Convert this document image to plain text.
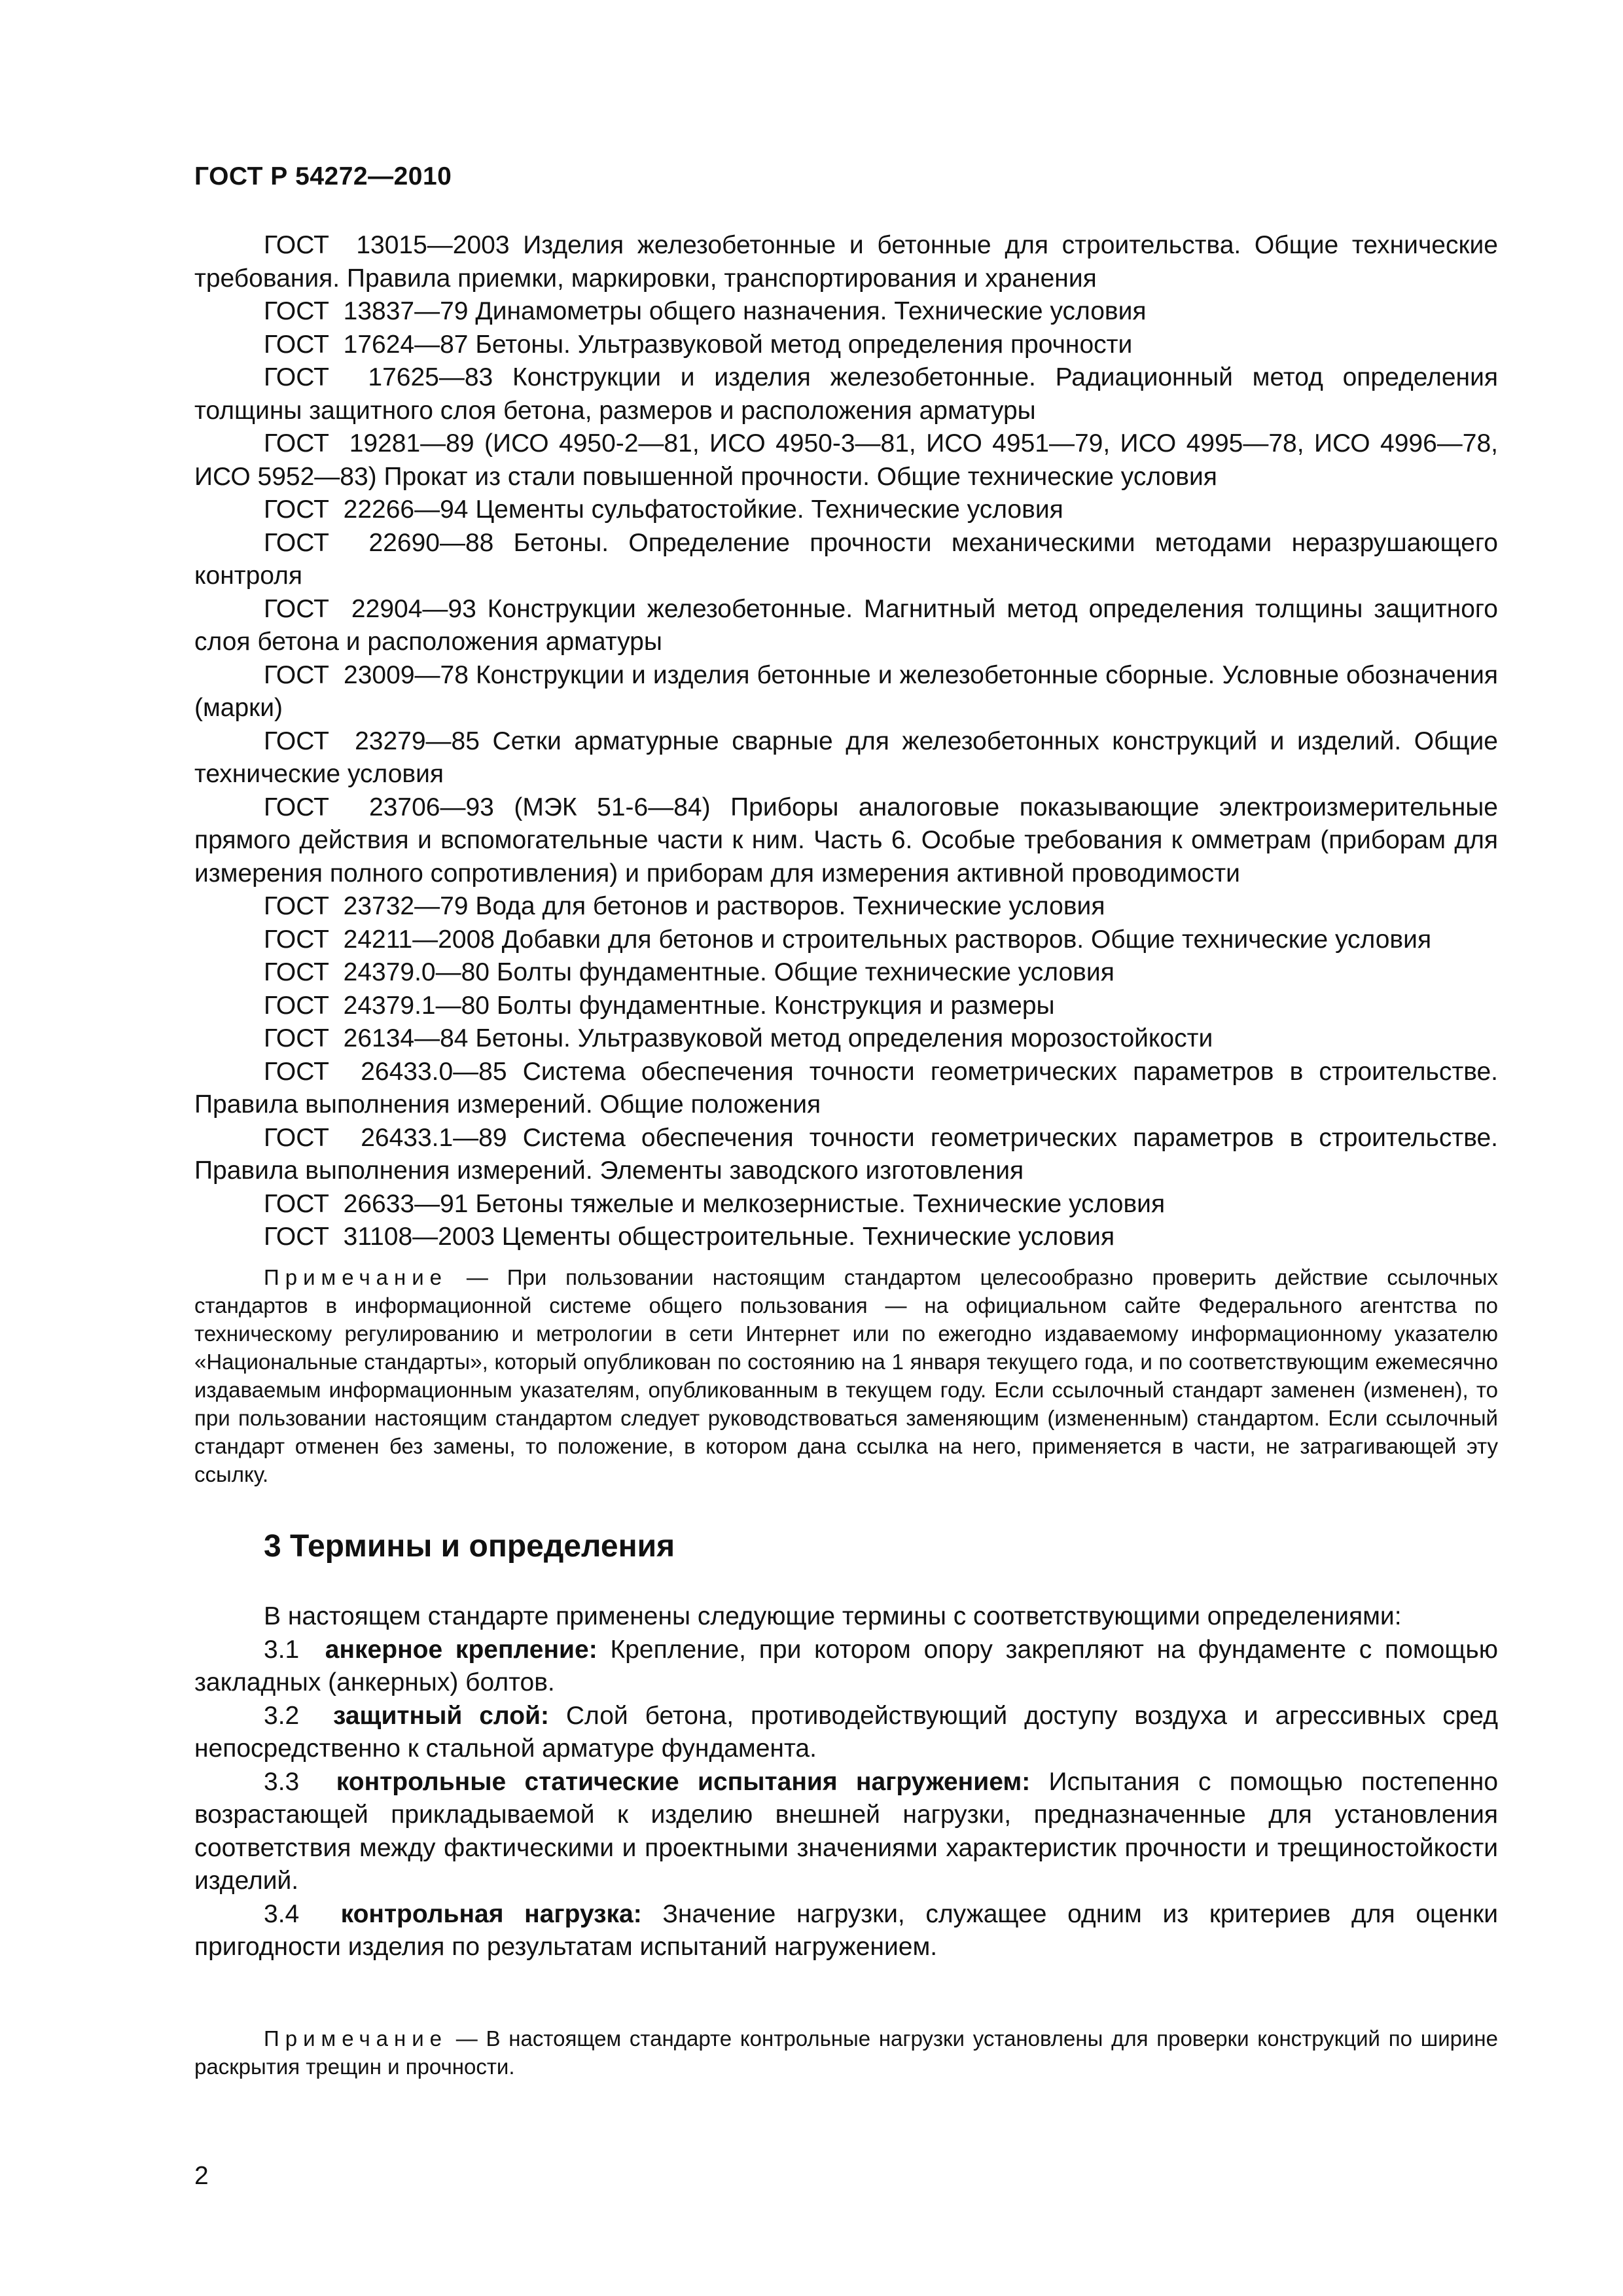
ГОСТ Р 54272—2010

ГОСТ  13015—2003 Изделия железобетонные и бетонные для строительства. Общие технические требования. Правила приемки, маркировки, транспортирования и хранения

ГОСТ  13837—79 Динамометры общего назначения. Технические условия

ГОСТ  17624—87 Бетоны. Ультразвуковой метод определения прочности

ГОСТ  17625—83 Конструкции и изделия железобетонные. Радиационный метод определения толщины защитного слоя бетона, размеров и расположения арматуры

ГОСТ  19281—89 (ИСО 4950-2—81, ИСО 4950-3—81, ИСО 4951—79, ИСО 4995—78, ИСО 4996—78, ИСО 5952—83) Прокат из стали повышенной прочности. Общие технические условия

ГОСТ  22266—94 Цементы сульфатостойкие. Технические условия

ГОСТ  22690—88 Бетоны. Определение прочности механическими методами неразрушающего контроля

ГОСТ  22904—93 Конструкции железобетонные. Магнитный метод определения толщины защитного слоя бетона и расположения арматуры

ГОСТ  23009—78 Конструкции и изделия бетонные и железобетонные сборные. Условные обозначения (марки)

ГОСТ  23279—85 Сетки арматурные сварные для железобетонных конструкций и изделий. Общие технические условия

ГОСТ  23706—93 (МЭК 51-6—84) Приборы аналоговые показывающие электроизмерительные прямого действия и вспомогательные части к ним. Часть 6. Особые требования к омметрам (приборам для измерения полного сопротивления) и приборам для измерения активной проводимости

ГОСТ  23732—79 Вода для бетонов и растворов. Технические условия

ГОСТ  24211—2008 Добавки для бетонов и строительных растворов. Общие технические условия

ГОСТ  24379.0—80 Болты фундаментные. Общие технические условия

ГОСТ  24379.1—80 Болты фундаментные. Конструкция и размеры

ГОСТ  26134—84 Бетоны. Ультразвуковой метод определения морозостойкости

ГОСТ  26433.0—85 Система обеспечения точности геометрических параметров в строительстве. Правила выполнения измерений. Общие положения

ГОСТ  26433.1—89 Система обеспечения точности геометрических параметров в строительстве. Правила выполнения измерений. Элементы заводского изготовления

ГОСТ  26633—91 Бетоны тяжелые и мелкозернистые. Технические условия

ГОСТ  31108—2003 Цементы общестроительные. Технические условия

Примечание — При пользовании настоящим стандартом целесообразно проверить действие ссылочных стандартов в информационной системе общего пользования — на официальном сайте Федерального агентства по техническому регулированию и метрологии в сети Интернет или по ежегодно издаваемому информационному указателю «Национальные стандарты», который опубликован по состоянию на 1 января текущего года, и по соответствующим ежемесячно издаваемым информационным указателям, опубликованным в текущем году. Если ссылочный стандарт заменен (изменен), то при пользовании настоящим стандартом следует руководствоваться заменяющим (измененным) стандартом. Если ссылочный стандарт отменен без замены, то положение, в котором дана ссылка на него, применяется в части, не затрагивающей эту ссылку.

3 Термины и определения

В настоящем стандарте применены следующие термины с соответствующими определениями:

3.1 анкерное крепление: Крепление, при котором опору закрепляют на фундаменте с помощью закладных (анкерных) болтов.

3.2 защитный слой: Слой бетона, противодействующий доступу воздуха и агрессивных сред непосредственно к стальной арматуре фундамента.

3.3 контрольные статические испытания нагружением: Испытания с помощью постепенно возрастающей прикладываемой к изделию внешней нагрузки, предназначенные для установления соответствия между фактическими и проектными значениями характеристик прочности и трещиностойкости изделий.

3.4 контрольная нагрузка: Значение нагрузки, служащее одним из критериев для оценки пригодности изделия по результатам испытаний нагружением.

Примечание — В настоящем стандарте контрольные нагрузки установлены для проверки конструкций по ширине раскрытия трещин и прочности.

2
